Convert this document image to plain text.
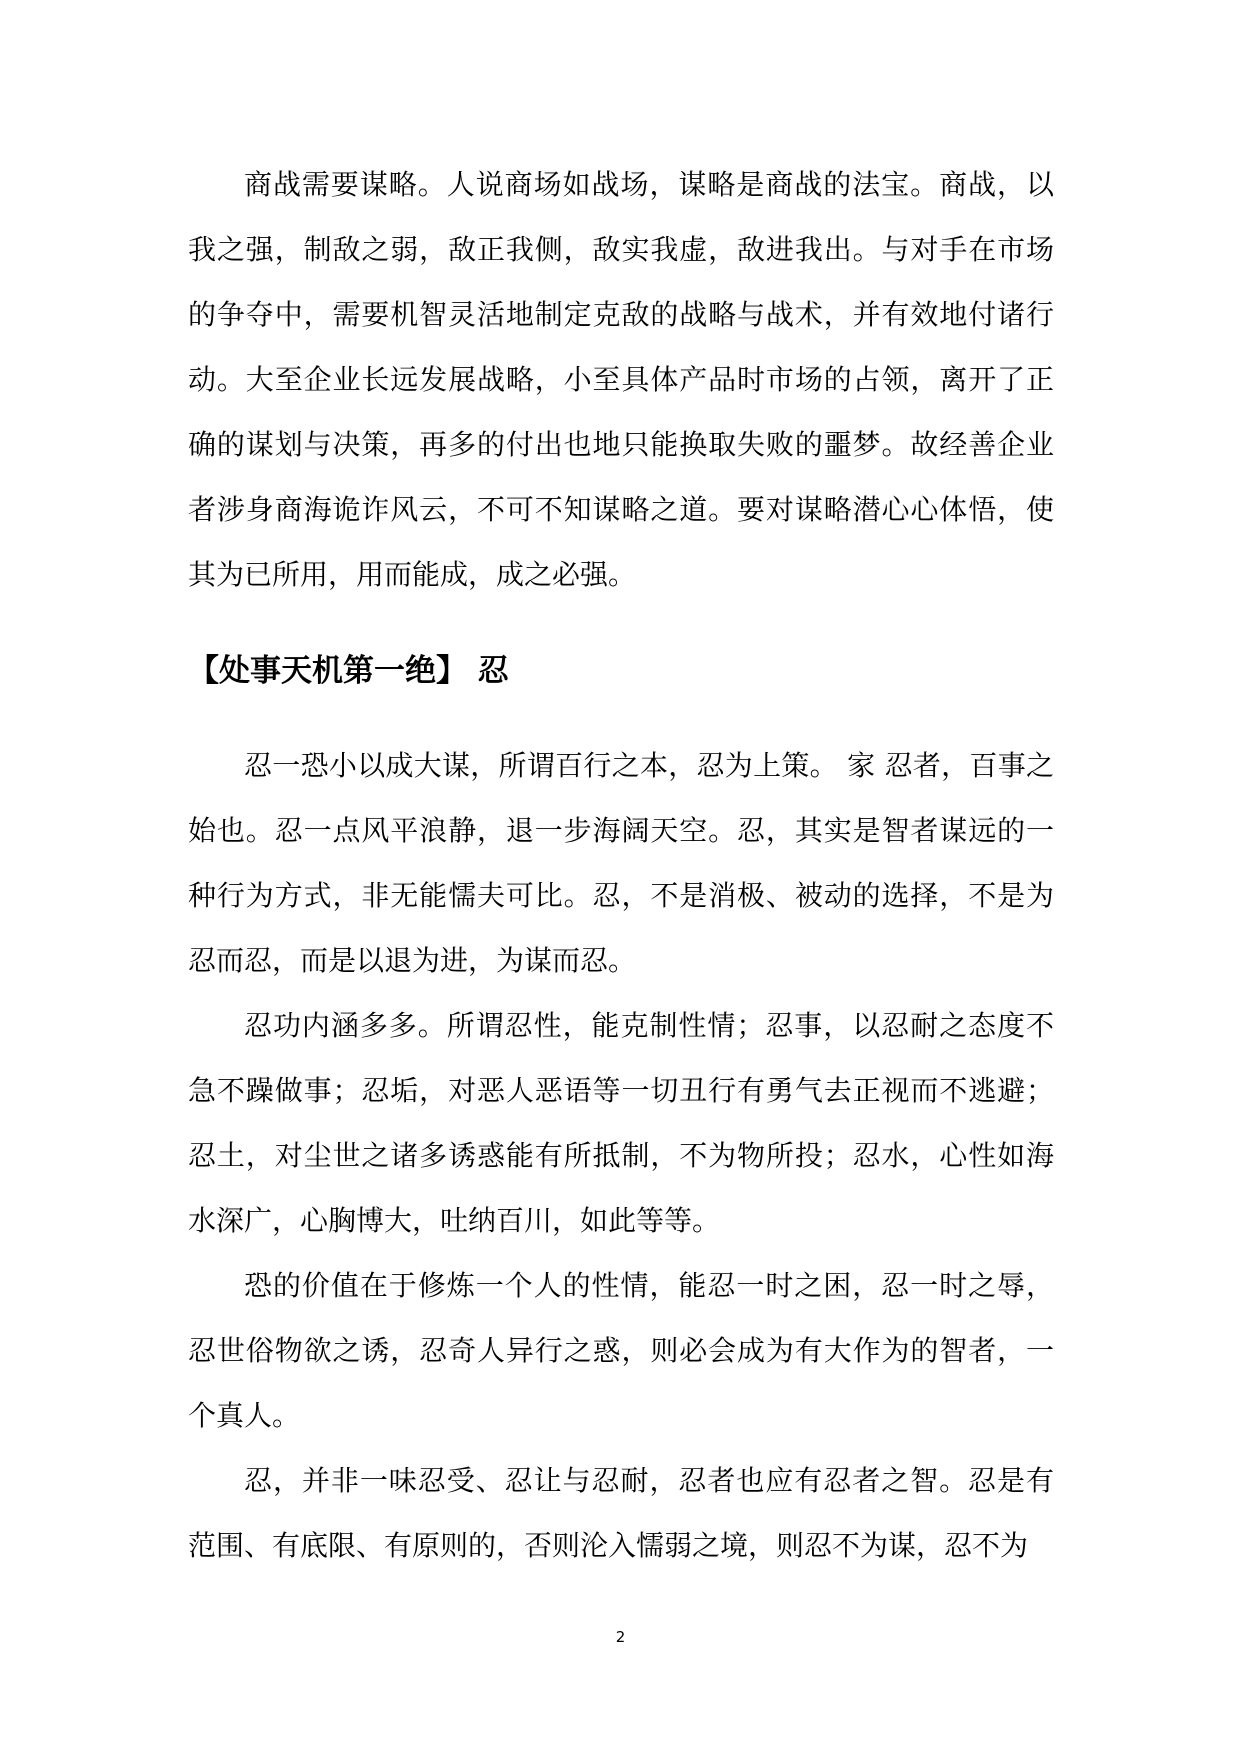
商战需要谋略。人说商场如战场，谋略是商战的法宝。商战，以我之强，制敌之弱，敌正我侧，敌实我虚，敌进我出。与对手在市场的争夺中，需要机智灵活地制定克敌的战略与战术，并有效地付诸行动。大至企业长远发展战略，小至具体产品时市场的占领，离开了正确的谋划与决策，再多的付出也地只能换取失败的噩梦。故经善企业者涉身商海诡诈风云，不可不知谋略之道。要对谋略潜心心体悟，使其为已所用，用而能成，成之必强。

【处事天机第一绝】 忍

忍一恐小以成大谋，所谓百行之本，忍为上策。 家 忍者，百事之始也。忍一点风平浪静，退一步海阔天空。忍，其实是智者谋远的一种行为方式，非无能懦夫可比。忍，不是消极、被动的选择，不是为忍而忍，而是以退为进，为谋而忍。

忍功内涵多多。所谓忍性，能克制性情；忍事，以忍耐之态度不急不躁做事；忍垢，对恶人恶语等一切丑行有勇气去正视而不逃避；忍土，对尘世之诸多诱惑能有所抵制，不为物所投；忍水，心性如海水深广，心胸博大，吐纳百川，如此等等。

恐的价值在于修炼一个人的性情，能忍一时之困，忍一时之辱，忍世俗物欲之诱，忍奇人异行之惑，则必会成为有大作为的智者，一个真人。

忍，并非一味忍受、忍让与忍耐，忍者也应有忍者之智。忍是有范围、有底限、有原则的，否则沦入懦弱之境，则忍不为谋，忍不为

2
